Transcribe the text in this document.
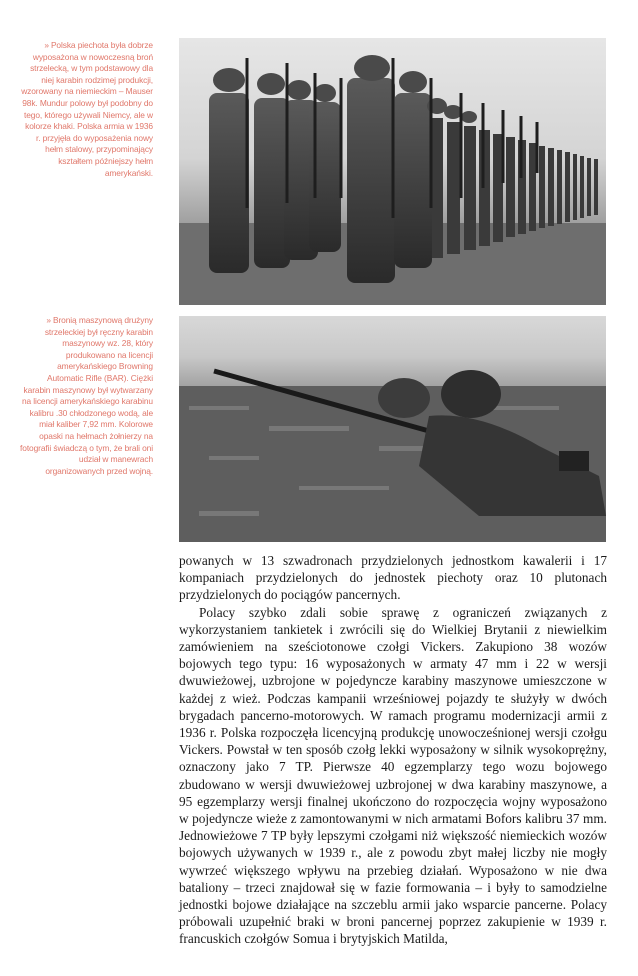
» Polska piechota była dobrze wyposażona w nowoczesną broń strzelecką, w tym podstawowy dla niej karabin rodzimej produkcji, wzorowany na niemieckim – Mauser 98k. Mundur polowy był podobny do tego, którego używali Niemcy, ale w kolorze khaki. Polska armia w 1936 r. przyjęła do wyposażenia nowy hełm stalowy, przypominający kształtem późniejszy hełm amerykański.
» Bronią maszynową drużyny strzeleckiej był ręczny karabin maszynowy wz. 28, który produkowano na licencji amerykańskiego Browning Automatic Rifle (BAR). Ciężki karabin maszynowy był wytwarzany na licencji amerykańskiego karabinu kalibru .30 chłodzonego wodą, ale miał kaliber 7,92 mm. Kolorowe opaski na hełmach żołnierzy na fotografii świadczą o tym, że brali oni udział w manewrach organizowanych przed wojną.

powanych w 13 szwadronach przydzielonych jednostkom kawalerii i 17 kompaniach przydzielonych do jednostek piechoty oraz 10 plutonach przydzielonych do pociągów pancernych.

Polacy szybko zdali sobie sprawę z ograniczeń związanych z wykorzystaniem tankietek i zwrócili się do Wielkiej Brytanii z niewielkim zamówieniem na sześciotonowe czołgi Vickers. Zakupiono 38 wozów bojowych tego typu: 16 wyposażonych w armaty 47 mm i 22 w wersji dwuwieżowej, uzbrojone w pojedyncze karabiny maszynowe umieszczone w każdej z wież. Podczas kampanii wrześniowej pojazdy te służyły w dwóch brygadach pancerno-motorowych. W ramach programu modernizacji armii z 1936 r. Polska rozpoczęła licencyjną produkcję unowocześnionej wersji czołgu Vickers. Powstał w ten sposób czołg lekki wyposażony w silnik wysokoprężny, oznaczony jako 7 TP. Pierwsze 40 egzemplarzy tego wozu bojowego zbudowano w wersji dwuwieżowej uzbrojonej w dwa karabiny maszynowe, a 95 egzemplarzy wersji finalnej ukończono do rozpoczęcia wojny wyposażono w pojedyncze wieże z zamontowanymi w nich armatami Bofors kalibru 37 mm. Jednowieżowe 7 TP były lepszymi czołgami niż większość niemieckich wozów bojowych używanych w 1939 r., ale z powodu zbyt małej liczby nie mogły wywrzeć większego wpływu na przebieg działań. Wyposażono w nie dwa bataliony – trzeci znajdował się w fazie formowania – i były to samodzielne jednostki bojowe działające na szczeblu armii jako wsparcie pancerne. Polacy próbowali uzupełnić braki w broni pancernej poprzez zakupienie w 1939 r. francuskich czołgów Somua i brytyjskich Matilda,
